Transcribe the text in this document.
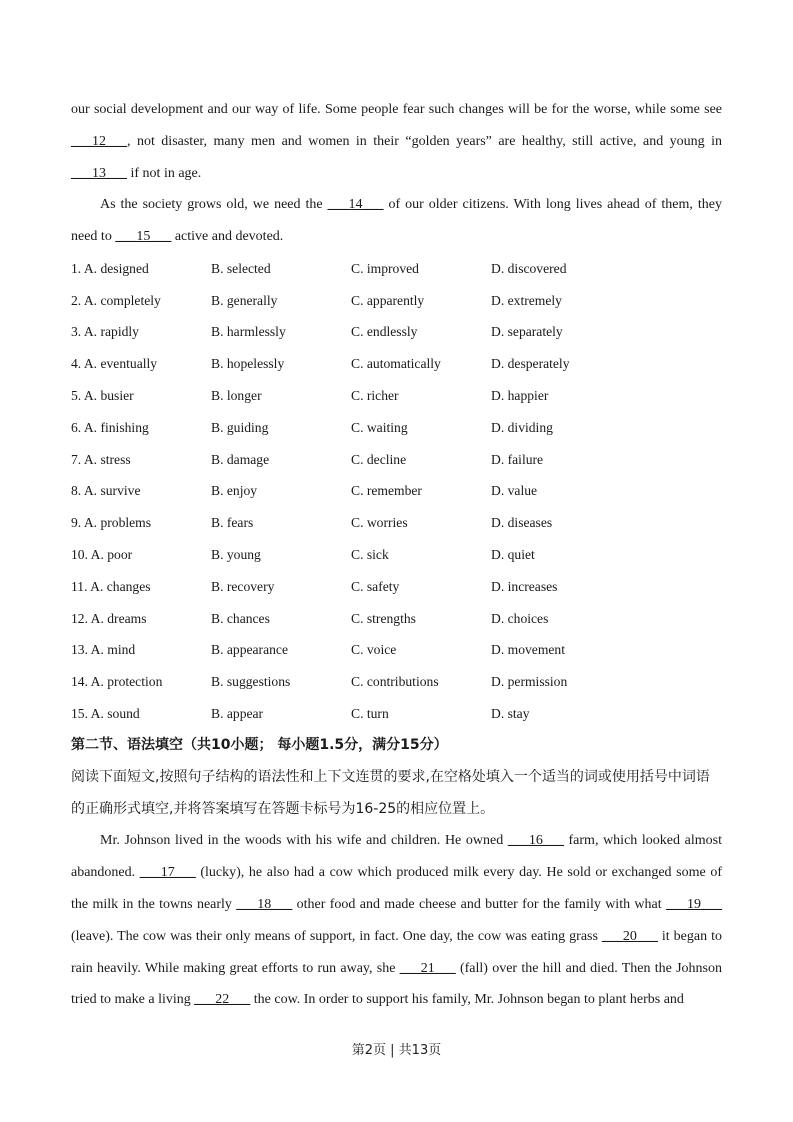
our social development and our way of life. Some people fear such changes will be for the worse, while some see ___12___, not disaster, many men and women in their “golden years” are healthy, still active, and young in ___13___ if not in age.

As the society grows old, we need the ___14___ of our older citizens. With long lives ahead of them, they need to ___15___ active and devoted.

1. A. designed	B. selected	C. improved	D. discovered
2. A. completely	B. generally	C. apparently	D. extremely
3. A. rapidly	B. harmlessly	C. endlessly	D. separately
4. A. eventually	B. hopelessly	C. automatically	D. desperately
5. A. busier	B. longer	C. richer	D. happier
6. A. finishing	B. guiding	C. waiting	D. dividing
7. A. stress	B. damage	C. decline	D. failure
8. A. survive	B. enjoy	C. remember	D. value
9. A. problems	B. fears	C. worries	D. diseases
10. A. poor	B. young	C. sick	D. quiet
11. A. changes	B. recovery	C. safety	D. increases
12. A. dreams	B. chances	C. strengths	D. choices
13. A. mind	B. appearance	C. voice	D. movement
14. A. protection	B. suggestions	C. contributions	D. permission
15. A. sound	B. appear	C. turn	D. stay

第二节、语法填空（共10小题； 每小题1.5分，满分15分）

阅读下面短文,按照句子结构的语法性和上下文连贯的要求,在空格处填入一个适当的词或使用括号中词语的正确形式填空,并将答案填写在答题卡标号为16-25的相应位置上。

Mr. Johnson lived in the woods with his wife and children. He owned ___16___ farm, which looked almost abandoned. ___17___ (lucky), he also had a cow which produced milk every day. He sold or exchanged some of the milk in the towns nearly ___18___ other food and made cheese and butter for the family with what ___19___ (leave). The cow was their only means of support, in fact. One day, the cow was eating grass ___20___ it began to rain heavily. While making great efforts to run away, she ___21___ (fall) over the hill and died. Then the Johnson tried to make a living ___22___ the cow. In order to support his family, Mr. Johnson began to plant herbs and

第2页 | 共13页
